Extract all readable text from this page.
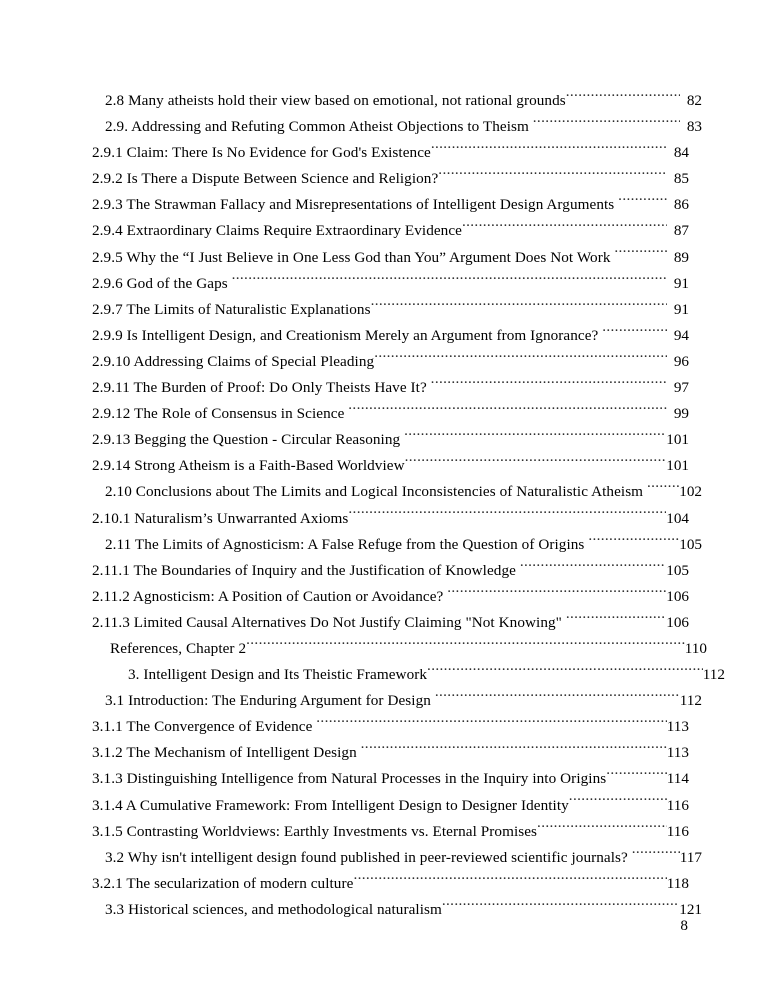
2.8 Many atheists hold their view based on emotional, not rational grounds .....	82
2.9. Addressing and Refuting Common Atheist Objections to Theism .....	83
2.9.1 Claim: There Is No Evidence for God's Existence .....	84
2.9.2 Is There a Dispute Between Science and Religion? .....	85
2.9.3 The Strawman Fallacy and Misrepresentations of Intelligent Design Arguments .....	86
2.9.4 Extraordinary Claims Require Extraordinary Evidence .....	87
2.9.5 Why the “I Just Believe in One Less God than You” Argument Does Not Work .....	89
2.9.6 God of the Gaps .....	91
2.9.7 The Limits of Naturalistic Explanations .....	91
2.9.9 Is Intelligent Design, and Creationism Merely an Argument from Ignorance? .....	94
2.9.10 Addressing Claims of Special Pleading .....	96
2.9.11 The Burden of Proof: Do Only Theists Have It? .....	97
2.9.12 The Role of Consensus in Science .....	99
2.9.13 Begging the Question - Circular Reasoning .....	101
2.9.14 Strong Atheism is a Faith-Based Worldview .....	101
2.10 Conclusions about The Limits and Logical Inconsistencies of Naturalistic Atheism ..... 102
2.10.1 Naturalism’s Unwarranted Axioms .....	104
2.11 The Limits of Agnosticism: A False Refuge from the Question of Origins .....	105
2.11.1 The Boundaries of Inquiry and the Justification of Knowledge .....	105
2.11.2 Agnosticism: A Position of Caution or Avoidance? .....	106
2.11.3 Limited Causal Alternatives Do Not Justify Claiming "Not Knowing" .....	106
References, Chapter 2 .....	110
3. Intelligent Design and Its Theistic Framework .....	112
3.1 Introduction: The Enduring Argument for Design .....	112
3.1.1 The Convergence of Evidence .....	113
3.1.2 The Mechanism of Intelligent Design .....	113
3.1.3 Distinguishing Intelligence from Natural Processes in the Inquiry into Origins .....	114
3.1.4 A Cumulative Framework: From Intelligent Design to Designer Identity .....	116
3.1.5 Contrasting Worldviews: Earthly Investments vs. Eternal Promises .....	116
3.2 Why isn't intelligent design found published in peer-reviewed scientific journals? .....	117
3.2.1 The secularization of modern culture .....	118
3.3 Historical sciences, and methodological naturalism .....	121
8
